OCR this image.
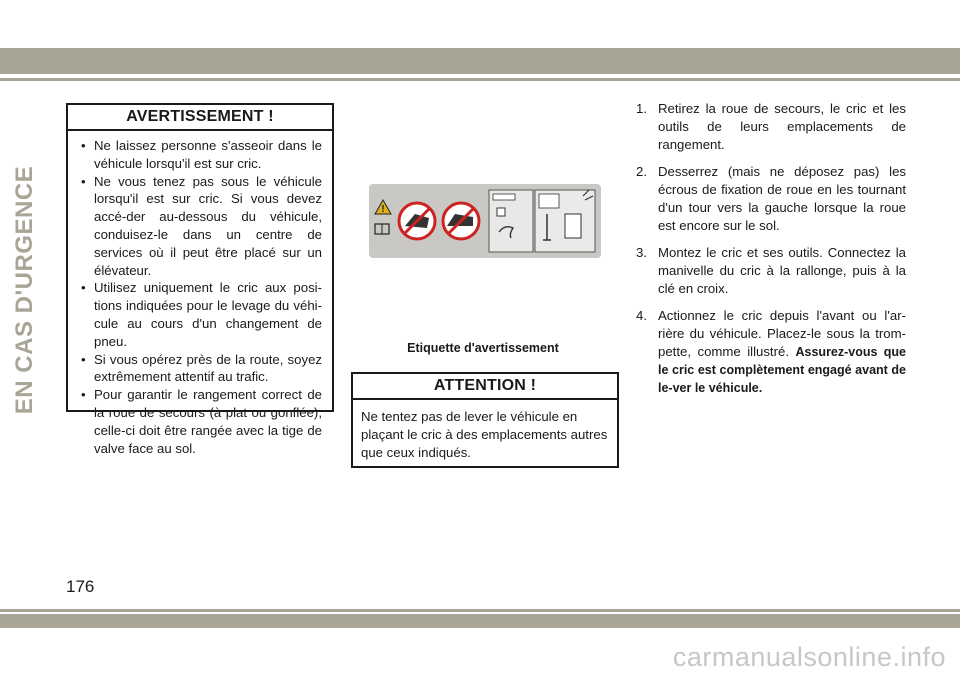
EN CAS D'URGENCE
AVERTISSEMENT !
• Ne laissez personne s'asseoir dans le véhicule lorsqu'il est sur cric.
• Ne vous tenez pas sous le véhicule lorsqu'il est sur cric. Si vous devez accé-der au-dessous du véhicule, conduisez-le dans un centre de services où il peut être placé sur un élévateur.
• Utilisez uniquement le cric aux posi-tions indiquées pour le levage du véhi-cule au cours d'un changement de pneu.
• Si vous opérez près de la route, soyez extrêmement attentif au trafic.
• Pour garantir le rangement correct de la roue de secours (à plat ou gonflée), celle-ci doit être rangée avec la tige de valve face au sol.
!
Etiquette d'avertissement
ATTENTION !
Ne tentez pas de lever le véhicule en plaçant le cric à des emplacements autres que ceux indiqués.
1. Retirez la roue de secours, le cric et les outils de leurs emplacements de rangement.
2. Desserrez (mais ne déposez pas) les écrous de fixation de roue en les tournant d'un tour vers la gauche lorsque la roue est encore sur le sol.
3. Montez le cric et ses outils. Connectez la manivelle du cric à la rallonge, puis à la clé en croix.
4. Actionnez le cric depuis l'avant ou l'ar-rière du véhicule. Placez-le sous la trom-pette, comme illustré. Assurez-vous que le cric est complètement engagé avant de le-ver le véhicule.
176
carmanualsonline.info
